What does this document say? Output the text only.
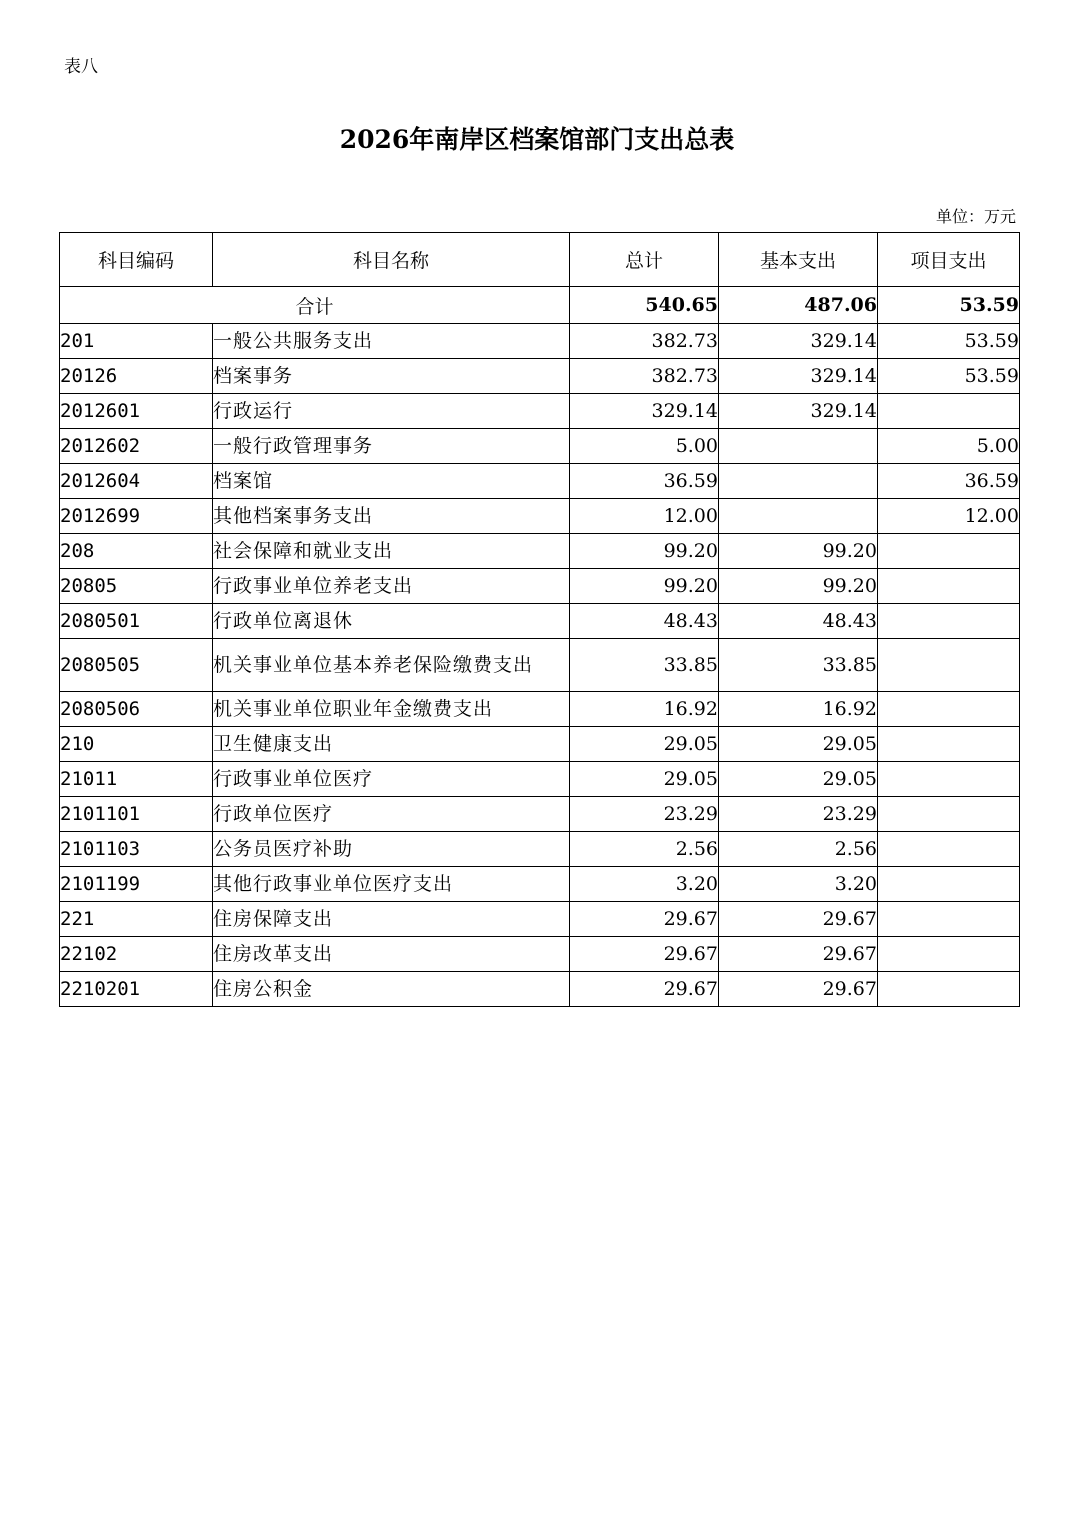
表八
2026年南岸区档案馆部门支出总表
单位：万元
科目编码	科目名称	总计	基本支出	项目支出
合计		540.65	487.06	53.59
201	一般公共服务支出	382.73	329.14	53.59
20126	档案事务	382.73	329.14	53.59
2012601	行政运行	329.14	329.14	
2012602	一般行政管理事务	5.00		5.00
2012604	档案馆	36.59		36.59
2012699	其他档案事务支出	12.00		12.00
208	社会保障和就业支出	99.20	99.20	
20805	行政事业单位养老支出	99.20	99.20	
2080501	行政单位离退休	48.43	48.43	
2080505	机关事业单位基本养老保险缴费支出	33.85	33.85	
2080506	机关事业单位职业年金缴费支出	16.92	16.92	
210	卫生健康支出	29.05	29.05	
21011	行政事业单位医疗	29.05	29.05	
2101101	行政单位医疗	23.29	23.29	
2101103	公务员医疗补助	2.56	2.56	
2101199	其他行政事业单位医疗支出	3.20	3.20	
221	住房保障支出	29.67	29.67	
22102	住房改革支出	29.67	29.67	
2210201	住房公积金	29.67	29.67	
